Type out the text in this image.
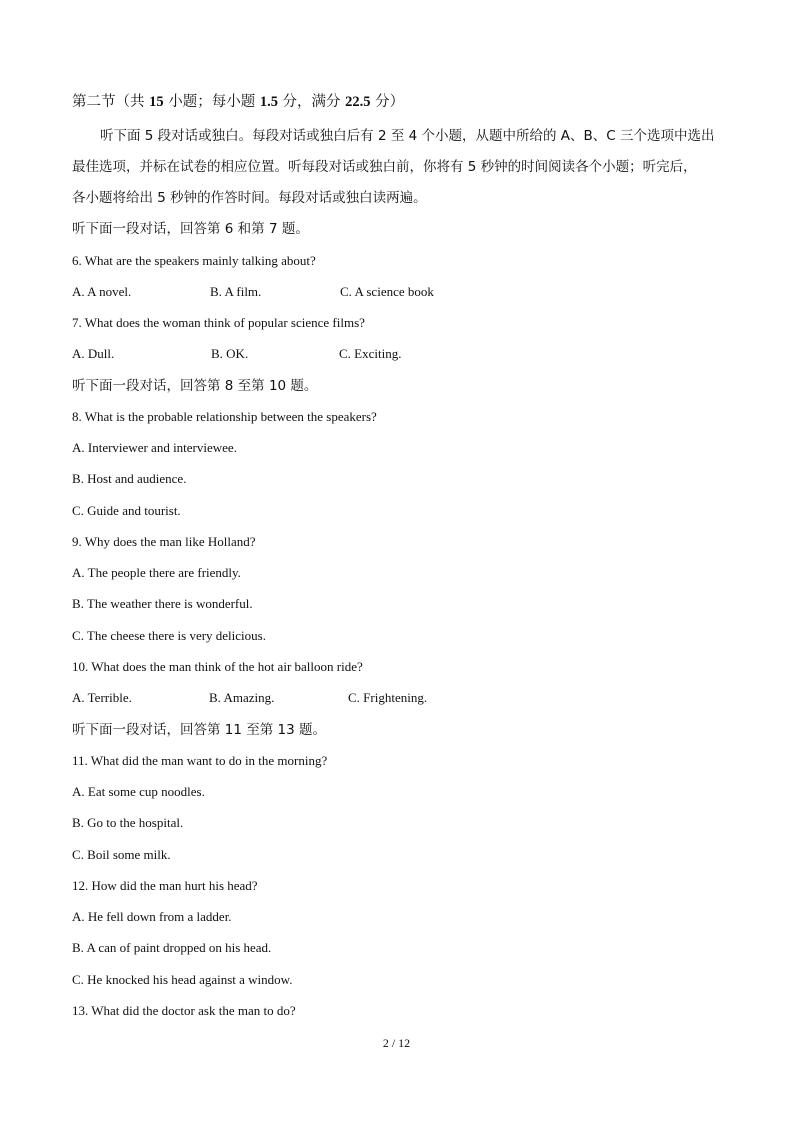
第二节（共 15 小题；每小题 1.5 分，满分 22.5 分）
听下面 5 段对话或独白。每段对话或独白后有 2 至 4 个小题，从题中所给的 A、B、C 三个选项中选出
最佳选项，并标在试卷的相应位置。听每段对话或独白前，你将有 5 秒钟的时间阅读各个小题；听完后，
各小题将给出 5 秒钟的作答时间。每段对话或独白读两遍。
听下面一段对话，回答第 6 和第 7 题。
6. What are the speakers mainly talking about?
A. A novel.	B. A film.	C. A science book
7. What does the woman think of popular science films?
A. Dull.	B. OK.	C. Exciting.
听下面一段对话，回答第 8 至第 10 题。
8. What is the probable relationship between the speakers?
A. Interviewer and interviewee.
B. Host and audience.
C. Guide and tourist.
9. Why does the man like Holland?
A. The people there are friendly.
B. The weather there is wonderful.
C. The cheese there is very delicious.
10. What does the man think of the hot air balloon ride?
A. Terrible.	B. Amazing.	C. Frightening.
听下面一段对话，回答第 11 至第 13 题。
11. What did the man want to do in the morning?
A. Eat some cup noodles.
B. Go to the hospital.
C. Boil some milk.
12. How did the man hurt his head?
A. He fell down from a ladder.
B. A can of paint dropped on his head.
C. He knocked his head against a window.
13. What did the doctor ask the man to do?
2 / 12
